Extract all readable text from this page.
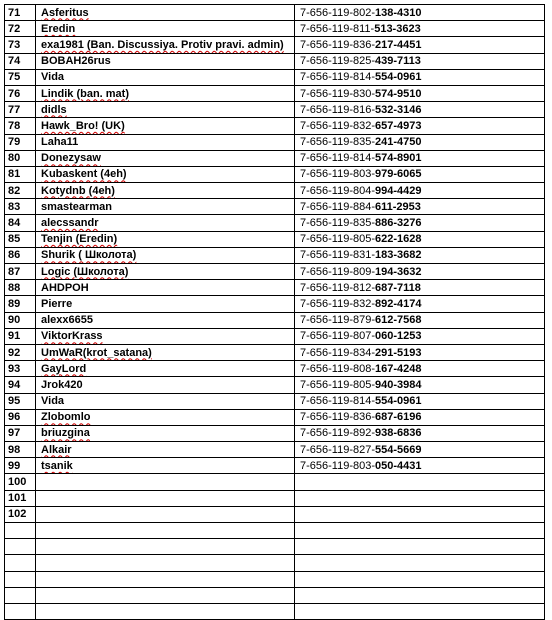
71	Asferitus	7-656-119-802-138-4310
72	Eredin	7-656-119-811-513-3623
73	exa1981 (Ban. Discussiya. Protiv pravi. admin)	7-656-119-836-217-4451
74	BOBAH26rus	7-656-119-825-439-7113
75	Vida	7-656-119-814-554-0961
76	Lindik (ban. mat)	7-656-119-830-574-9510
77	didls	7-656-119-816-532-3146
78	Hawk_Bro! (UK)	7-656-119-832-657-4973
79	Laha11	7-656-119-835-241-4750
80	Donezysaw	7-656-119-814-574-8901
81	Kubaskent (4eh)	7-656-119-803-979-6065
82	Kotydnb (4eh)	7-656-119-804-994-4429
83	smastearman	7-656-119-884-611-2953
84	alecssandr	7-656-119-835-886-3276
85	Tenjin (Eredin)	7-656-119-805-622-1628
86	Shurik ( Школота)	7-656-119-831-183-3682
87	Logic (Школота)	7-656-119-809-194-3632
88	AHDPOH	7-656-119-812-687-7118
89	Pierre	7-656-119-832-892-4174
90	alexx6655	7-656-119-879-612-7568
91	ViktorKrass	7-656-119-807-060-1253
92	UmWaR(krot_satana)	7-656-119-834-291-5193
93	GayLord	7-656-119-808-167-4248
94	Jrok420	7-656-119-805-940-3984
95	Vida	7-656-119-814-554-0961
96	Zlobomlo	7-656-119-836-687-6196
97	briuzgina	7-656-119-892-938-6836
98	Alkair	7-656-119-827-554-5669
99	tsanik	7-656-119-803-050-4431
100		
101		
102		
